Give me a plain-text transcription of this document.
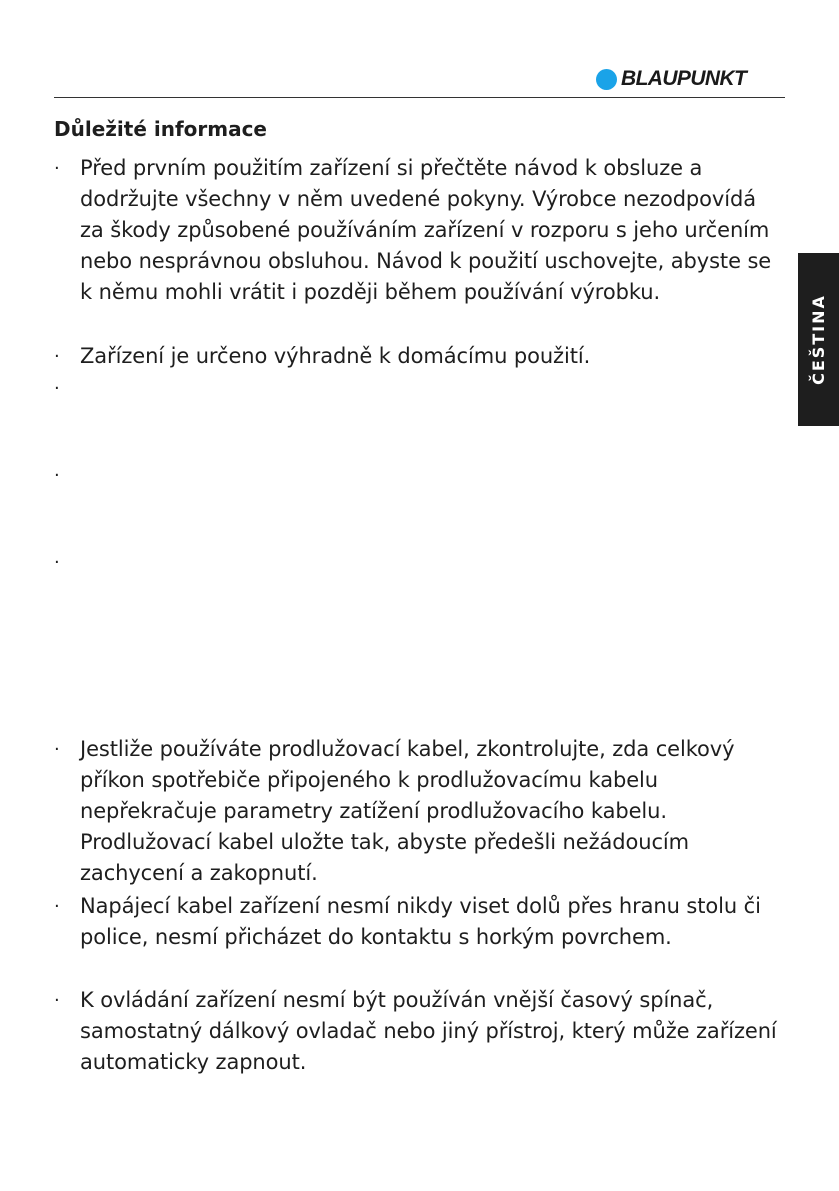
BLAUPUNKT
ČEŠTINA
Důležité informace
· Před prvním použitím zařízení si přečtěte návod k obsluze a dodržujte všechny v něm uvedené pokyny. Výrobce nezodpovídá za škody způsobené používáním zařízení v rozporu s jeho určením nebo nesprávnou obsluhou. Návod k použití uschovejte, abyste se k němu mohli vrátit i později během používání výrobku.
· Zařízení je určeno výhradně k domácímu použití.
·
·
·
· Jestliže používáte prodlužovací kabel, zkontrolujte, zda celkový příkon spotřebiče připojeného k prodlužovacímu kabelu nepřekračuje parametry zatížení prodlužovacího kabelu. Prodlužovací kabel uložte tak, abyste předešli nežádoucím zachycení a zakopnutí.
· Napájecí kabel zařízení nesmí nikdy viset dolů přes hranu stolu či police, nesmí přicházet do kontaktu s horkým povrchem.
· K ovládání zařízení nesmí být používán vnější časový spínač, samostatný dálkový ovladač nebo jiný přístroj, který může zařízení automaticky zapnout.
